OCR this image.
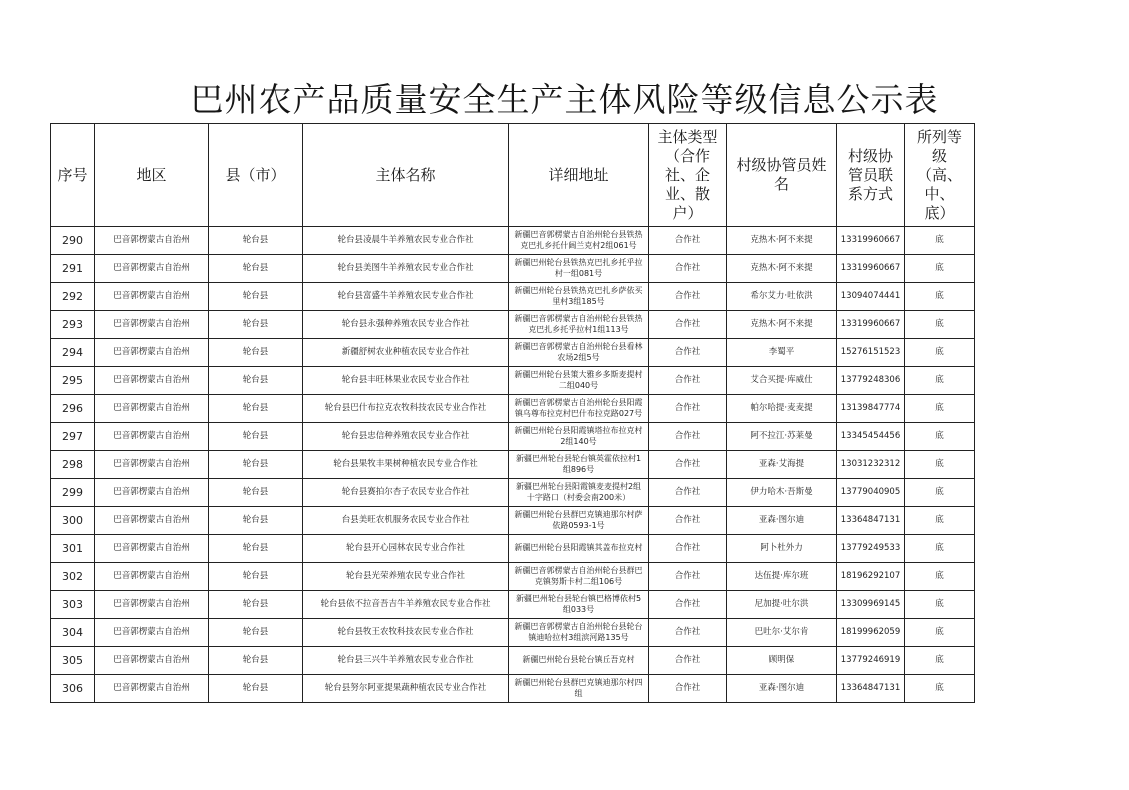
巴州农产品质量安全生产主体风险等级信息公示表
序号	地区	县（市）	主体名称	详细地址	主体类型（合作社、企业、散户）	村级协管员姓名	村级协管员联系方式	所列等级（高、中、底）
290	巴音郭楞蒙古自治州	轮台县	轮台县凌晨牛羊养殖农民专业合作社	新疆巴音郭楞蒙古自治州轮台县铁热克巴扎乡托什阔兰克村2组061号	合作社	克热木·阿不来提	13319960667	底
291	巴音郭楞蒙古自治州	轮台县	轮台县美图牛羊养殖农民专业合作社	新疆巴州轮台县铁热克巴扎乡托乎拉村一组081号	合作社	克热木·阿不来提	13319960667	底
292	巴音郭楞蒙古自治州	轮台县	轮台县富盛牛羊养殖农民专业合作社	新疆巴州轮台县铁热克巴扎乡萨依买里村3组185号	合作社	希尔艾力·吐依洪	13094074441	底
293	巴音郭楞蒙古自治州	轮台县	轮台县永强种养殖农民专业合作社	新疆巴音郭楞蒙古自治州轮台县铁热克巴扎乡托乎拉村1组113号	合作社	克热木·阿不来提	13319960667	底
294	巴音郭楞蒙古自治州	轮台县	新疆舒树农业种植农民专业合作社	新疆巴音郭楞蒙古自治州轮台县看林农场2组5号	合作社	李蜀平	15276151523	底
295	巴音郭楞蒙古自治州	轮台县	轮台县丰旺林果业农民专业合作社	新疆巴州轮台县策大雅乡多斯麦提村二组040号	合作社	艾合买提·库威仕	13779248306	底
296	巴音郭楞蒙古自治州	轮台县	轮台县巴什布拉克农牧科技农民专业合作社	新疆巴音郭楞蒙古自治州轮台县阳霞镇乌尊布拉克村巴什布拉克路027号	合作社	帕尔哈提·麦麦提	13139847774	底
297	巴音郭楞蒙古自治州	轮台县	轮台县忠信种养殖农民专业合作社	新疆巴州轮台县阳霞镇塔拉布拉克村2组140号	合作社	阿不拉江·苏莱曼	13345454456	底
298	巴音郭楞蒙古自治州	轮台县	轮台县果牧丰果树种植农民专业合作社	新疆巴州轮台县轮台镇英霍依拉村1组896号	合作社	亚森·艾海提	13031232312	底
299	巴音郭楞蒙古自治州	轮台县	轮台县赛拍尔杏子农民专业合作社	新疆巴州轮台县阳霞镇麦麦提村2组十字路口（村委会南200米）	合作社	伊力哈木·吾斯曼	13779040905	底
300	巴音郭楞蒙古自治州	轮台县	台县美旺农机服务农民专业合作社	新疆巴州轮台县群巴克镇迪那尔村萨依路0593-1号	合作社	亚森·图尔迪	13364847131	底
301	巴音郭楞蒙古自治州	轮台县	轮台县开心园林农民专业合作社	新疆巴州轮台县阳霞镇其盖布拉克村	合作社	阿卜杜外力	13779249533	底
302	巴音郭楞蒙古自治州	轮台县	轮台县光荣养殖农民专业合作社	新疆巴音郭楞蒙古自治州轮台县群巴克镇努斯卡村二组106号	合作社	达伍提·库尔班	18196292107	底
303	巴音郭楞蒙古自治州	轮台县	轮台县依不拉音吾吉牛羊养殖农民专业合作社	新疆巴州轮台县轮台镇巴格博依村5组033号	合作社	尼加提·吐尔洪	13309969145	底
304	巴音郭楞蒙古自治州	轮台县	轮台县牧王农牧科技农民专业合作社	新疆巴音郭楞蒙古自治州轮台县轮台镇迪哈拉村3组滨河路135号	合作社	巴吐尔·艾尔肯	18199962059	底
305	巴音郭楞蒙古自治州	轮台县	轮台县三兴牛羊养殖农民专业合作社	新疆巴州轮台县轮台镇丘吾克村	合作社	顾明保	13779246919	底
306	巴音郭楞蒙古自治州	轮台县	轮台县努尔阿亚提果蔬种植农民专业合作社	新疆巴州轮台县群巴克镇迪那尔村四组	合作社	亚森·图尔迪	13364847131	底
